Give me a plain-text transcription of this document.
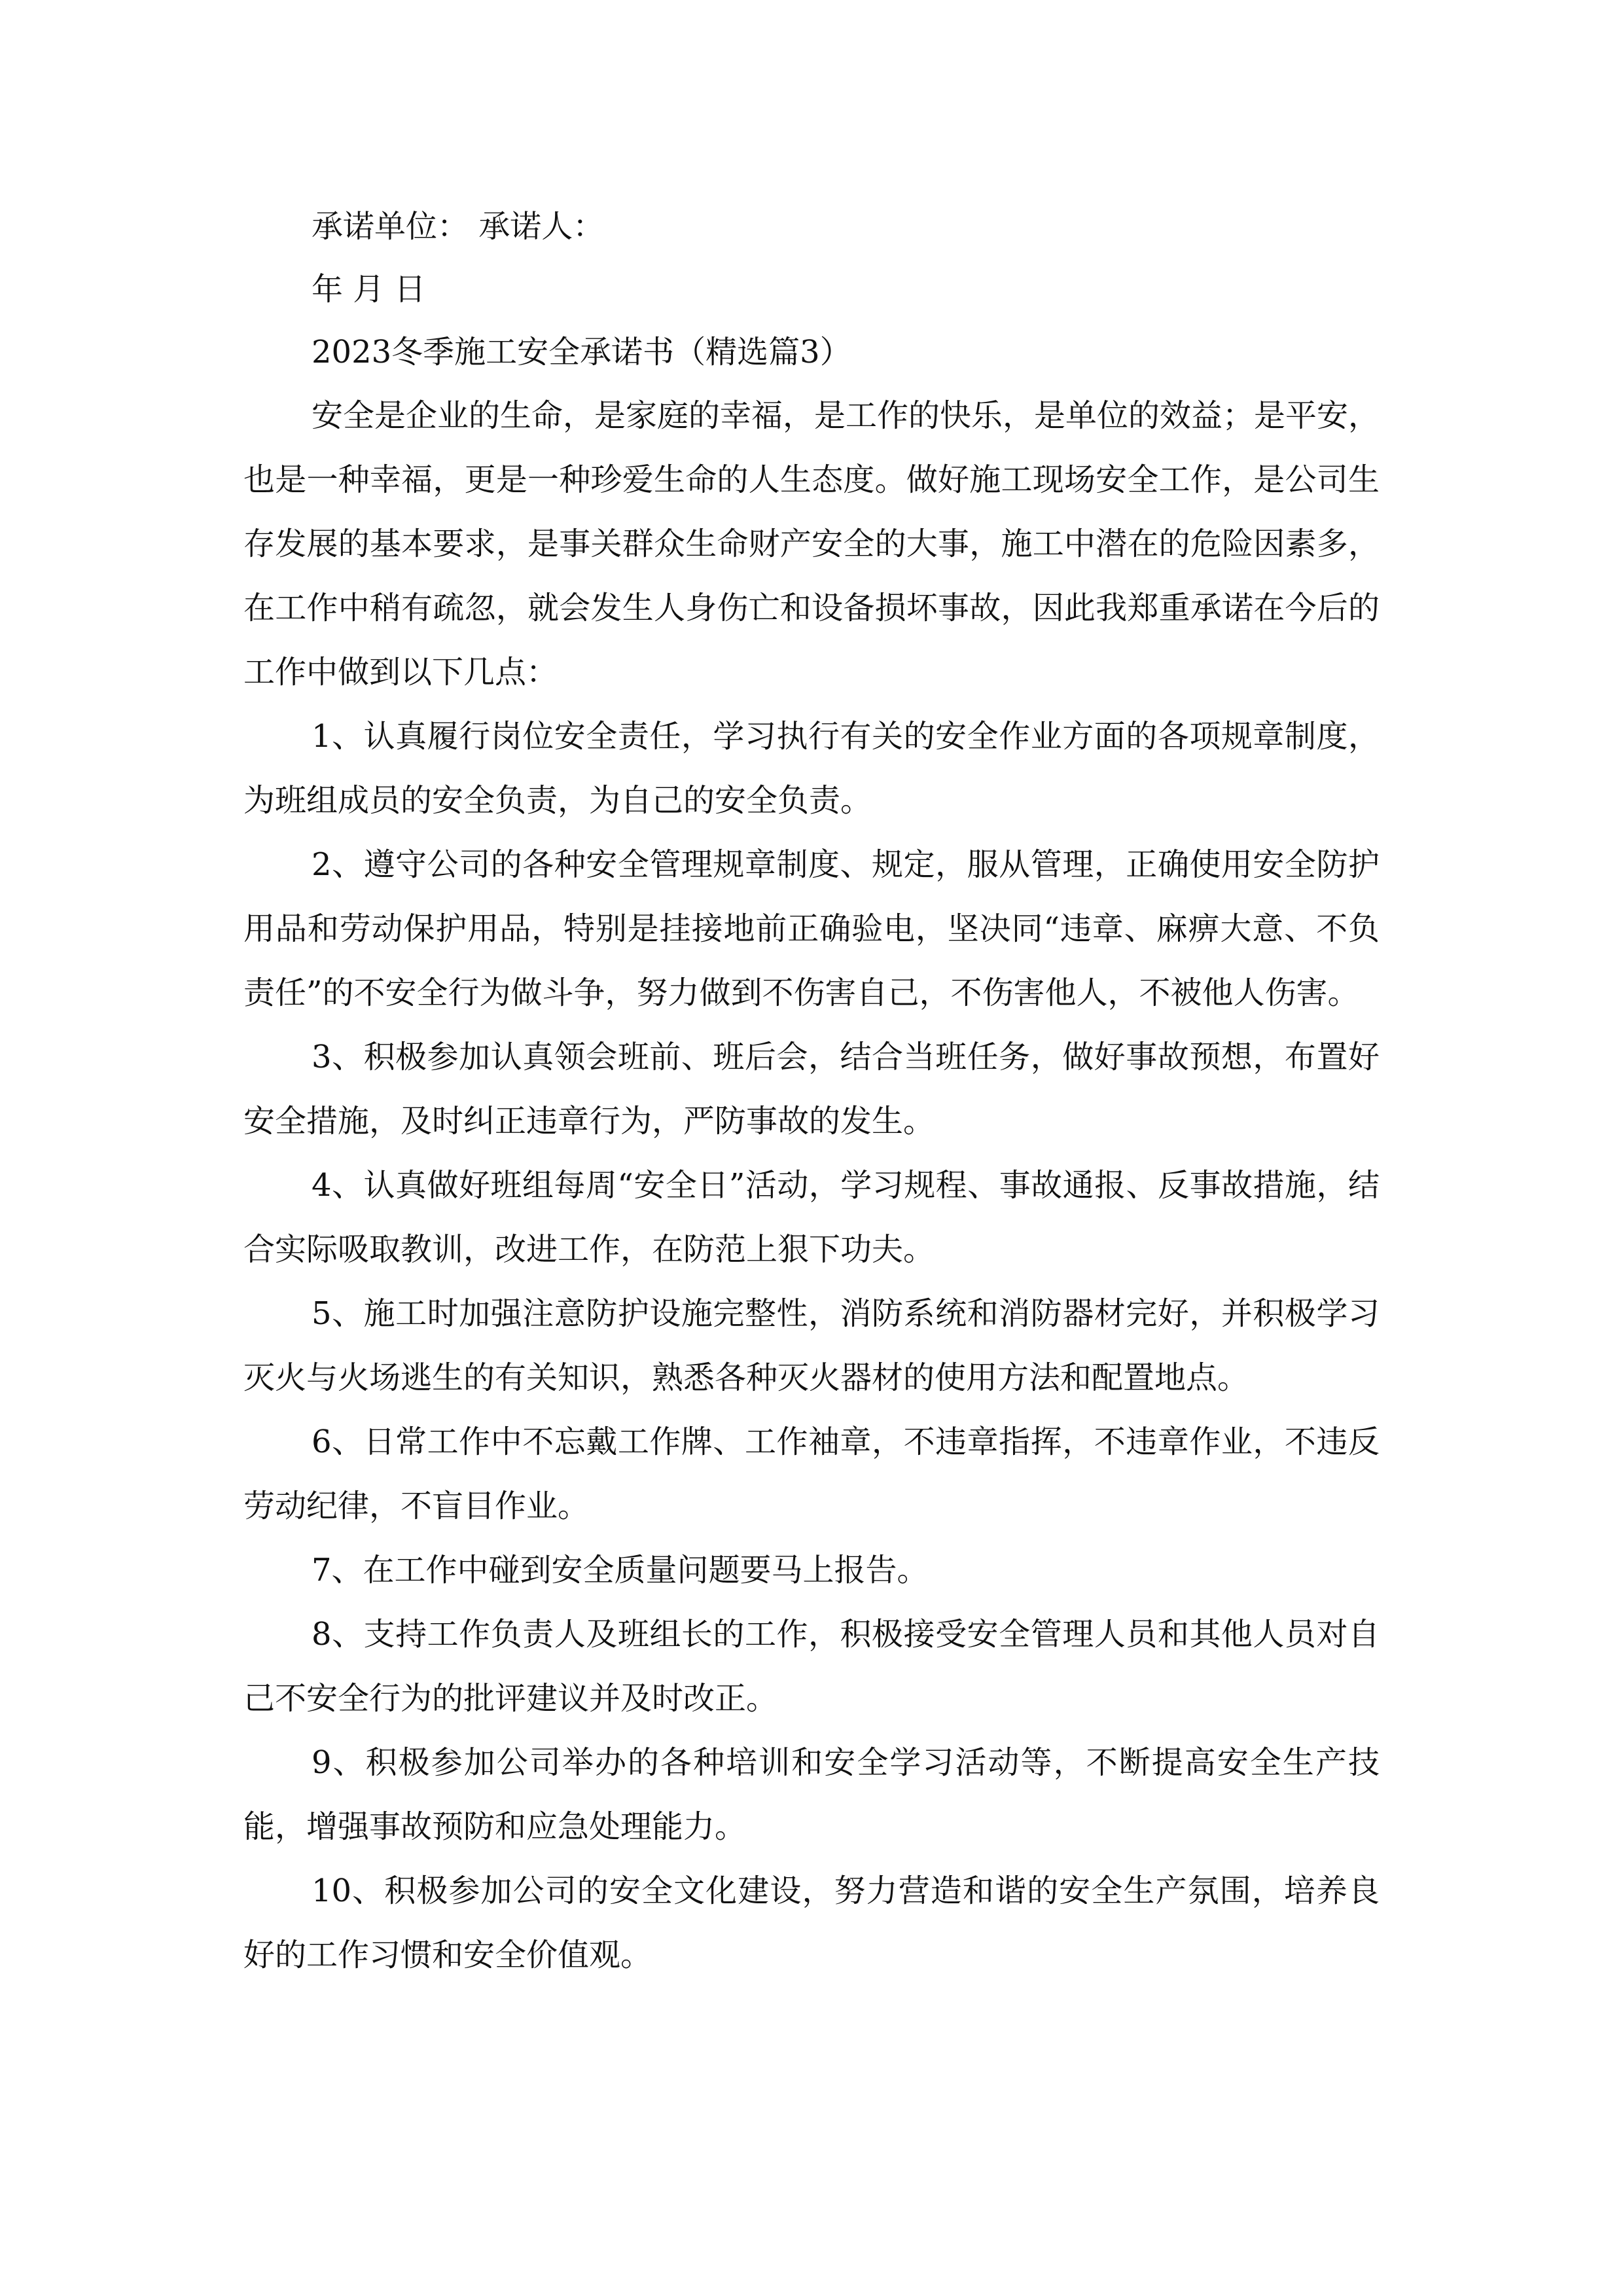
承诺单位： 承诺人：

年 月 日

2023冬季施工安全承诺书（精选篇3）

安全是企业的生命，是家庭的幸福，是工作的快乐，是单位的效益；是平安，也是一种幸福，更是一种珍爱生命的人生态度。做好施工现场安全工作，是公司生存发展的基本要求，是事关群众生命财产安全的大事，施工中潜在的危险因素多，在工作中稍有疏忽，就会发生人身伤亡和设备损坏事故，因此我郑重承诺在今后的工作中做到以下几点：

1、认真履行岗位安全责任，学习执行有关的安全作业方面的各项规章制度，为班组成员的安全负责，为自己的安全负责。

2、遵守公司的各种安全管理规章制度、规定，服从管理，正确使用安全防护用品和劳动保护用品，特别是挂接地前正确验电，坚决同“违章、麻痹大意、不负责任”的不安全行为做斗争，努力做到不伤害自己，不伤害他人，不被他人伤害。

3、积极参加认真领会班前、班后会，结合当班任务，做好事故预想，布置好安全措施，及时纠正违章行为，严防事故的发生。

4、认真做好班组每周“安全日”活动，学习规程、事故通报、反事故措施，结合实际吸取教训，改进工作，在防范上狠下功夫。

5、施工时加强注意防护设施完整性，消防系统和消防器材完好，并积极学习灭火与火场逃生的有关知识，熟悉各种灭火器材的使用方法和配置地点。

6、日常工作中不忘戴工作牌、工作袖章，不违章指挥，不违章作业，不违反劳动纪律，不盲目作业。

7、在工作中碰到安全质量问题要马上报告。

8、支持工作负责人及班组长的工作，积极接受安全管理人员和其他人员对自己不安全行为的批评建议并及时改正。

9、积极参加公司举办的各种培训和安全学习活动等，不断提高安全生产技能，增强事故预防和应急处理能力。

10、积极参加公司的安全文化建设，努力营造和谐的安全生产氛围，培养良好的工作习惯和安全价值观。
